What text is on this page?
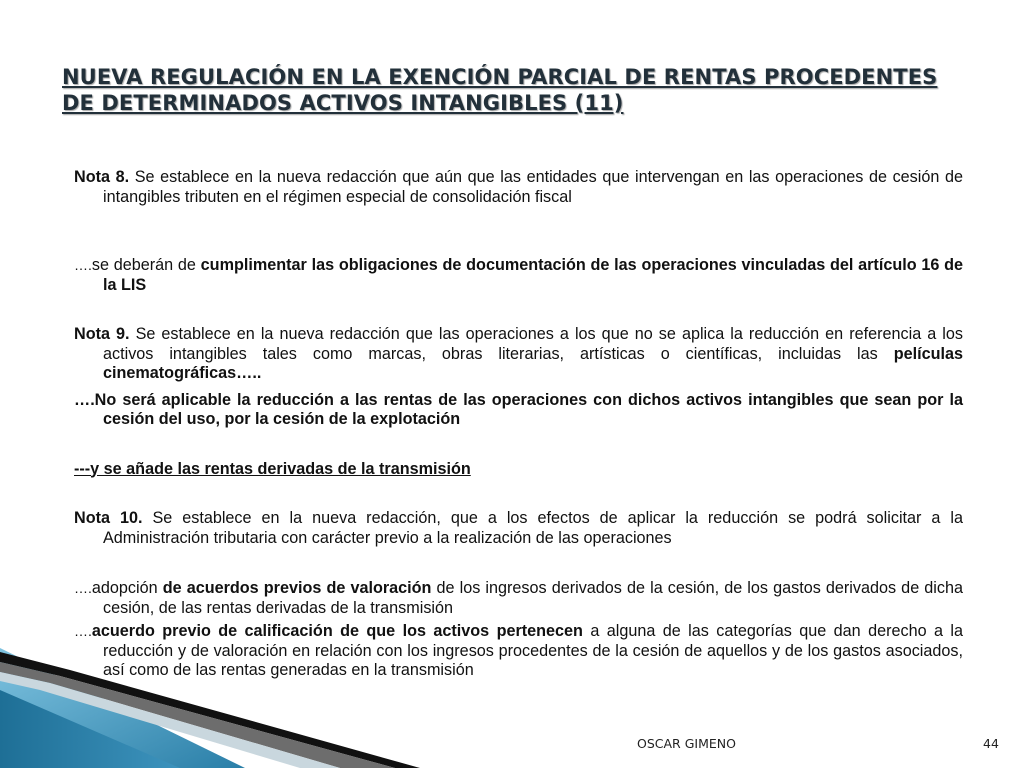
NUEVA REGULACIÓN EN LA EXENCIÓN PARCIAL DE RENTAS PROCEDENTES DE DETERMINADOS ACTIVOS INTANGIBLES (11)
Nota 8. Se establece en la nueva redacción que aún que las entidades que intervengan en las operaciones de cesión de intangibles tributen en el régimen especial de consolidación fiscal
….se deberán de cumplimentar las obligaciones de documentación de las operaciones vinculadas del artículo 16 de la LIS
Nota 9. Se establece en la nueva redacción que las operaciones a los que no se aplica la reducción en referencia a los activos intangibles tales como marcas, obras literarias, artísticas o científicas, incluidas las películas cinematográficas…..
….No será aplicable la reducción a las rentas de las operaciones con dichos activos intangibles que sean por la cesión del uso, por la cesión de la explotación
---y se añade las rentas derivadas de la transmisión
Nota 10. Se establece en la nueva redacción, que a los efectos de aplicar la reducción se podrá solicitar a la Administración tributaria con carácter previo a la realización de las operaciones
….adopción de acuerdos previos de valoración de los ingresos derivados de la cesión, de los gastos derivados de dicha cesión, de las rentas derivadas de la transmisión
….acuerdo previo de calificación de que los activos pertenecen a alguna de las categorías que dan derecho a la reducción y de valoración en relación con los ingresos procedentes de la cesión de aquellos y de los gastos asociados, así como de las rentas generadas en la transmisión
OSCAR GIMENO	44
